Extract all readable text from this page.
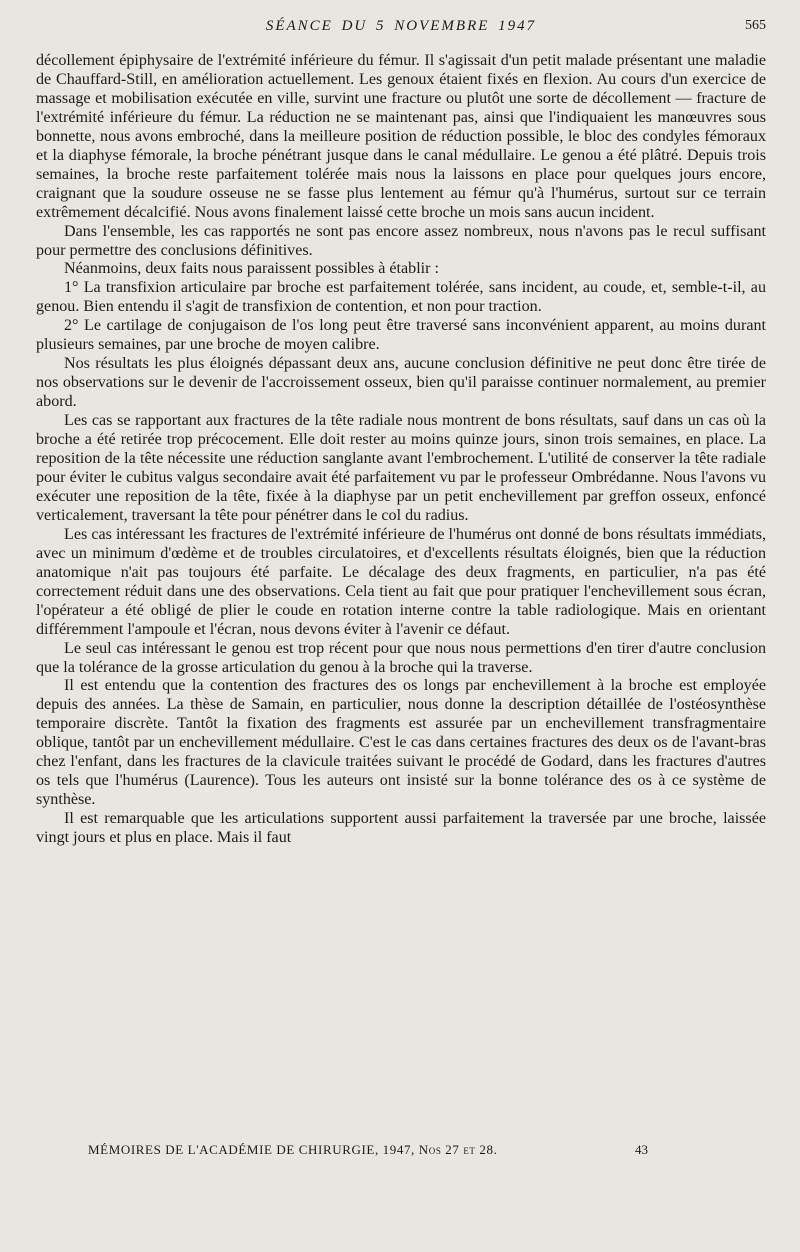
SÉANCE DU 5 NOVEMBRE 1947	565

décollement épiphysaire de l'extrémité inférieure du fémur. Il s'agissait d'un petit malade présentant une maladie de Chauffard-Still, en amélioration actuellement. Les genoux étaient fixés en flexion. Au cours d'un exercice de massage et mobilisation exécutée en ville, survint une fracture ou plutôt une sorte de décollement — fracture de l'extrémité inférieure du fémur. La réduction ne se maintenant pas, ainsi que l'indiquaient les manœuvres sous bonnette, nous avons embroché, dans la meilleure position de réduction possible, le bloc des condyles fémoraux et la diaphyse fémorale, la broche pénétrant jusque dans le canal médullaire. Le genou a été plâtré. Depuis trois semaines, la broche reste parfaitement tolérée mais nous la laissons en place pour quelques jours encore, craignant que la soudure osseuse ne se fasse plus lentement au fémur qu'à l'humérus, surtout sur ce terrain extrêmement décalcifié. Nous avons finalement laissé cette broche un mois sans aucun incident.

Dans l'ensemble, les cas rapportés ne sont pas encore assez nombreux, nous n'avons pas le recul suffisant pour permettre des conclusions définitives.

Néanmoins, deux faits nous paraissent possibles à établir :

1° La transfixion articulaire par broche est parfaitement tolérée, sans incident, au coude, et, semble-t-il, au genou. Bien entendu il s'agit de transfixion de contention, et non pour traction.

2° Le cartilage de conjugaison de l'os long peut être traversé sans inconvénient apparent, au moins durant plusieurs semaines, par une broche de moyen calibre.

Nos résultats les plus éloignés dépassant deux ans, aucune conclusion définitive ne peut donc être tirée de nos observations sur le devenir de l'accroissement osseux, bien qu'il paraisse continuer normalement, au premier abord.

Les cas se rapportant aux fractures de la tête radiale nous montrent de bons résultats, sauf dans un cas où la broche a été retirée trop précocement. Elle doit rester au moins quinze jours, sinon trois semaines, en place. La reposition de la tête nécessite une réduction sanglante avant l'embrochement. L'utilité de conserver la tête radiale pour éviter le cubitus valgus secondaire avait été parfaitement vu par le professeur Ombrédanne. Nous l'avons vu exécuter une reposition de la tête, fixée à la diaphyse par un petit enchevillement par greffon osseux, enfoncé verticalement, traversant la tête pour pénétrer dans le col du radius.

Les cas intéressant les fractures de l'extrémité inférieure de l'humérus ont donné de bons résultats immédiats, avec un minimum d'œdème et de troubles circulatoires, et d'excellents résultats éloignés, bien que la réduction anatomique n'ait pas toujours été parfaite. Le décalage des deux fragments, en particulier, n'a pas été correctement réduit dans une des observations. Cela tient au fait que pour pratiquer l'enchevillement sous écran, l'opérateur a été obligé de plier le coude en rotation interne contre la table radiologique. Mais en orientant différemment l'ampoule et l'écran, nous devons éviter à l'avenir ce défaut.

Le seul cas intéressant le genou est trop récent pour que nous nous permettions d'en tirer d'autre conclusion que la tolérance de la grosse articulation du genou à la broche qui la traverse.

Il est entendu que la contention des fractures des os longs par enchevillement à la broche est employée depuis des années. La thèse de Samain, en particulier, nous donne la description détaillée de l'ostéosynthèse temporaire discrète. Tantôt la fixation des fragments est assurée par un enchevillement transfragmentaire oblique, tantôt par un enchevillement médullaire. C'est le cas dans certaines fractures des deux os de l'avant-bras chez l'enfant, dans les fractures de la clavicule traitées suivant le procédé de Godard, dans les fractures d'autres os tels que l'humérus (Laurence). Tous les auteurs ont insisté sur la bonne tolérance des os à ce système de synthèse.

Il est remarquable que les articulations supportent aussi parfaitement la traversée par une broche, laissée vingt jours et plus en place. Mais il faut

MÉMOIRES DE L'ACADÉMIE DE CHIRURGIE, 1947, Nos 27 et 28.	43
